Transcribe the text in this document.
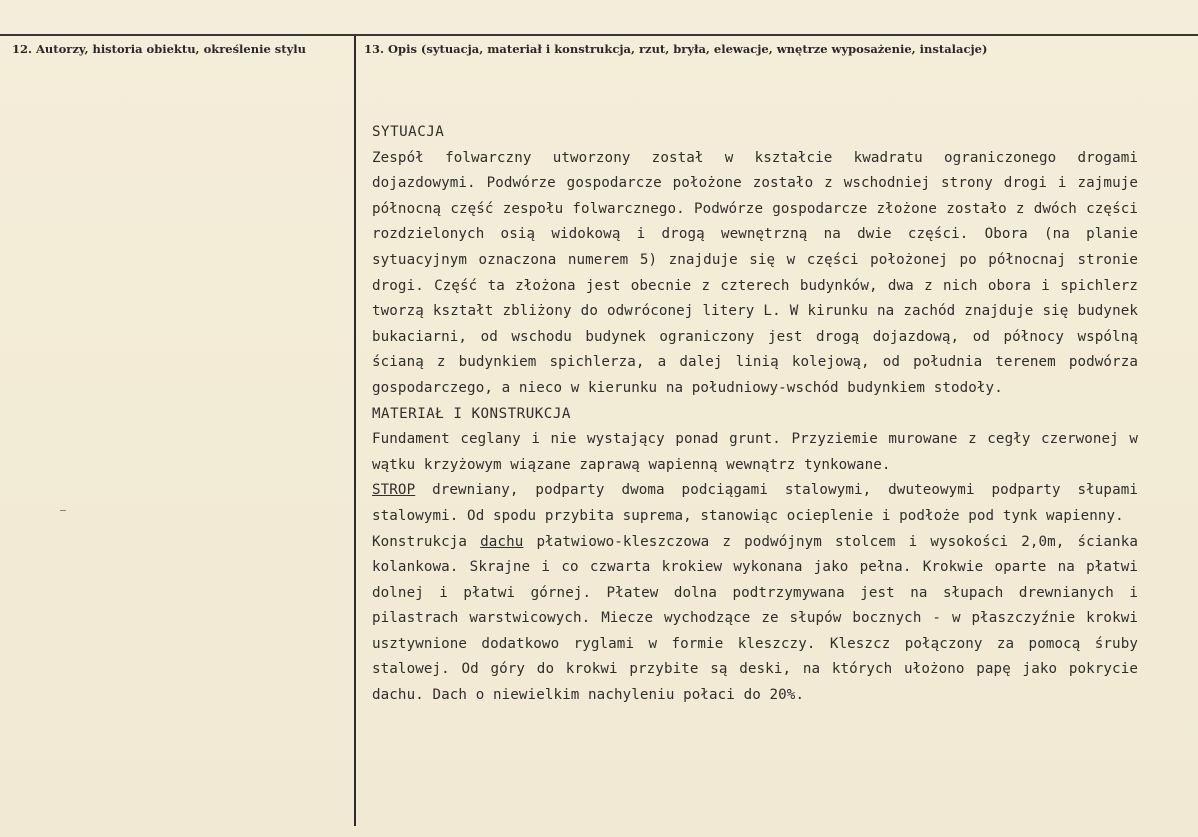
12. Autorzy, historia obiektu, określenie stylu	13. Opis (sytuacja, materiał i konstrukcja, rzut, bryła, elewacje, wnętrze wyposażenie, instalacje)

SYTUACJA

Zespół folwarczny utworzony został w kształcie kwadratu ograniczonego drogami dojazdowymi. Podwórze gospodarcze położone zostało z wschodniej strony drogi i zajmuje północną część zespołu folwarcznego. Podwórze gospodarcze złożone zostało z dwóch części rozdzielonych osią widokową i drogą wewnętrzną na dwie części. Obora (na planie sytuacyjnym oznaczona numerem 5) znajduje się w części położonej po północnaj stronie drogi. Część ta złożona jest obecnie z czterech budynków, dwa z nich obora i spichlerz tworzą kształt zbliżony do odwróconej litery L. W kirunku na zachód znajduje się budynek bukaciarni, od wschodu budynek ograniczony jest drogą dojazdową, od północy wspólną ścianą z budynkiem spichlerza, a dalej linią kolejową, od południa terenem podwórza gospodarczego, a nieco w kierunku na południowy-wschód budynkiem stodoły.

MATERIAŁ I KONSTRUKCJA

Fundament ceglany i nie wystający ponad grunt. Przyziemie murowane z cegły czerwonej w wątku krzyżowym wiązane zaprawą wapienną wewnątrz tynkowane.

STROP drewniany, podparty dwoma podciągami stalowymi, dwuteowymi podparty słupami stalowymi. Od spodu przybita suprema, stanowiąc ocieplenie i podłoże pod tynk wapienny.

Konstrukcja dachu płatwiowo-kleszczowa z podwójnym stolcem i wysokości 2,0m, ścianka kolankowa. Skrajne i co czwarta krokiew wykonana jako pełna. Krokwie oparte na płatwi dolnej i płatwi górnej. Płatew dolna podtrzymywana jest na słupach drewnianych i pilastrach warstwicowych. Miecze wychodzące ze słupów bocznych - w płaszczyźnie krokwi usztywnione dodatkowo ryglami w formie kleszczy. Kleszcz połączony za pomocą śruby stalowej. Od góry do krokwi przybite są deski, na których ułożono papę jako pokrycie dachu. Dach o niewielkim nachyleniu połaci do 20%.
